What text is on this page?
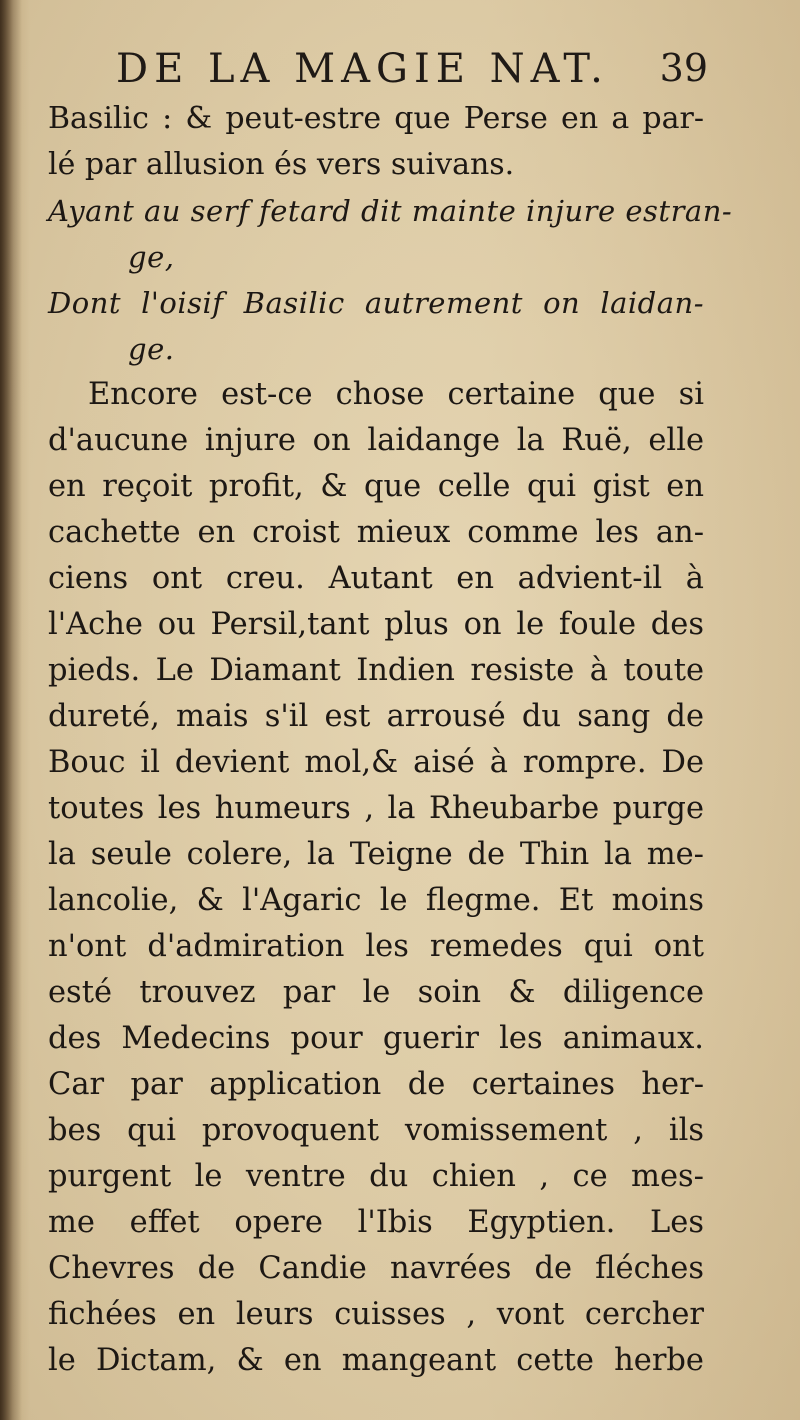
DE LA MAGIE NAT. 39
Basilic : & peut-estre que Perse en a par-
lé par allusion és vers suivans.
Ayant au serf fetard dit mainte injure estran-
ge,
Dont l'oisif Basilic autrement on laidan-
ge.
Encore est-ce chose certaine que si
d'aucune injure on laidange la Ruë, elle
en reçoit profit, & que celle qui gist en
cachette en croist mieux comme les an-
ciens ont creu. Autant en advient-il à
l'Ache ou Persil,tant plus on le foule des
pieds. Le Diamant Indien resiste à toute
dureté, mais s'il est arrousé du sang de
Bouc il devient mol,& aisé à rompre. De
toutes les humeurs , la Rheubarbe purge
la seule colere, la Teigne de Thin la me-
lancolie, & l'Agaric le flegme. Et moins
n'ont d'admiration les remedes qui ont
esté trouvez par le soin & diligence
des Medecins pour guerir les animaux.
Car par application de certaines her-
bes qui provoquent vomissement , ils
purgent le ventre du chien , ce mes-
me effet opere l'Ibis Egyptien. Les
Chevres de Candie navrées de fléches
fichées en leurs cuisses , vont cercher
le Dictam, & en mangeant cette herbe
